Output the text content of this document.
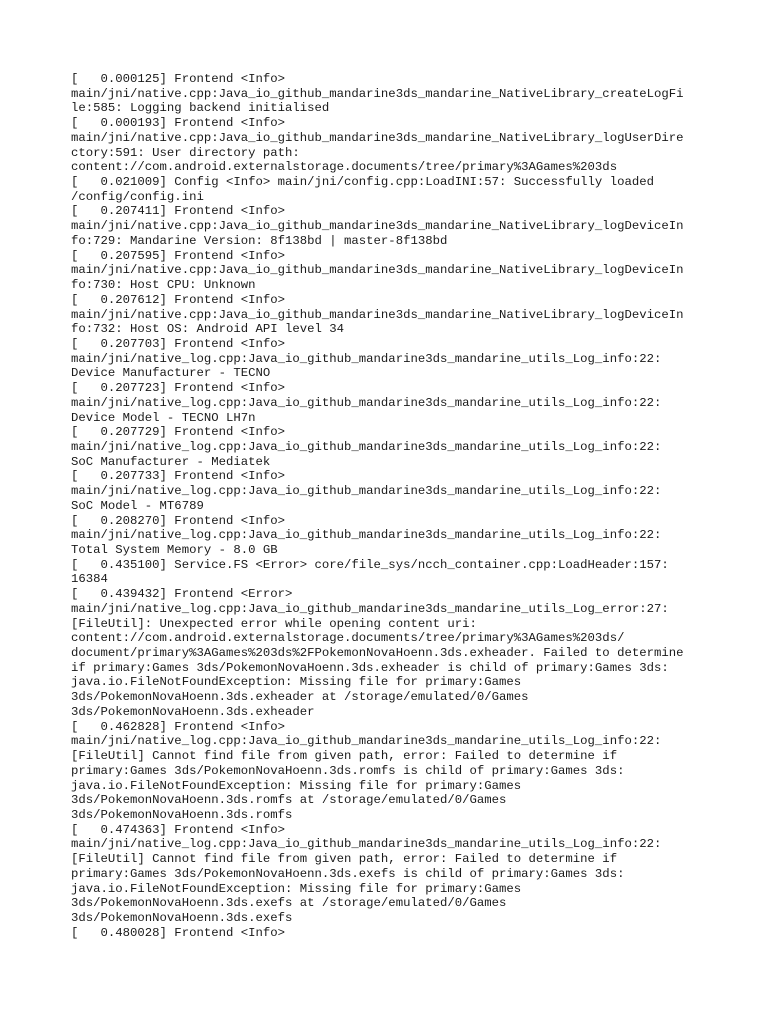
[   0.000125] Frontend <Info>
main/jni/native.cpp:Java_io_github_mandarine3ds_mandarine_NativeLibrary_createLogFi
le:585: Logging backend initialised
[   0.000193] Frontend <Info>
main/jni/native.cpp:Java_io_github_mandarine3ds_mandarine_NativeLibrary_logUserDire
ctory:591: User directory path:
content://com.android.externalstorage.documents/tree/primary%3AGames%203ds
[   0.021009] Config <Info> main/jni/config.cpp:LoadINI:57: Successfully loaded
/config/config.ini
[   0.207411] Frontend <Info>
main/jni/native.cpp:Java_io_github_mandarine3ds_mandarine_NativeLibrary_logDeviceIn
fo:729: Mandarine Version: 8f138bd | master-8f138bd
[   0.207595] Frontend <Info>
main/jni/native.cpp:Java_io_github_mandarine3ds_mandarine_NativeLibrary_logDeviceIn
fo:730: Host CPU: Unknown
[   0.207612] Frontend <Info>
main/jni/native.cpp:Java_io_github_mandarine3ds_mandarine_NativeLibrary_logDeviceIn
fo:732: Host OS: Android API level 34
[   0.207703] Frontend <Info>
main/jni/native_log.cpp:Java_io_github_mandarine3ds_mandarine_utils_Log_info:22:
Device Manufacturer - TECNO
[   0.207723] Frontend <Info>
main/jni/native_log.cpp:Java_io_github_mandarine3ds_mandarine_utils_Log_info:22:
Device Model - TECNO LH7n
[   0.207729] Frontend <Info>
main/jni/native_log.cpp:Java_io_github_mandarine3ds_mandarine_utils_Log_info:22:
SoC Manufacturer - Mediatek
[   0.207733] Frontend <Info>
main/jni/native_log.cpp:Java_io_github_mandarine3ds_mandarine_utils_Log_info:22:
SoC Model - MT6789
[   0.208270] Frontend <Info>
main/jni/native_log.cpp:Java_io_github_mandarine3ds_mandarine_utils_Log_info:22:
Total System Memory - 8.0 GB
[   0.435100] Service.FS <Error> core/file_sys/ncch_container.cpp:LoadHeader:157:
16384
[   0.439432] Frontend <Error>
main/jni/native_log.cpp:Java_io_github_mandarine3ds_mandarine_utils_Log_error:27:
[FileUtil]: Unexpected error while opening content uri:
content://com.android.externalstorage.documents/tree/primary%3AGames%203ds/
document/primary%3AGames%203ds%2FPokemonNovaHoenn.3ds.exheader. Failed to determine
if primary:Games 3ds/PokemonNovaHoenn.3ds.exheader is child of primary:Games 3ds:
java.io.FileNotFoundException: Missing file for primary:Games
3ds/PokemonNovaHoenn.3ds.exheader at /storage/emulated/0/Games
3ds/PokemonNovaHoenn.3ds.exheader
[   0.462828] Frontend <Info>
main/jni/native_log.cpp:Java_io_github_mandarine3ds_mandarine_utils_Log_info:22:
[FileUtil] Cannot find file from given path, error: Failed to determine if
primary:Games 3ds/PokemonNovaHoenn.3ds.romfs is child of primary:Games 3ds:
java.io.FileNotFoundException: Missing file for primary:Games
3ds/PokemonNovaHoenn.3ds.romfs at /storage/emulated/0/Games
3ds/PokemonNovaHoenn.3ds.romfs
[   0.474363] Frontend <Info>
main/jni/native_log.cpp:Java_io_github_mandarine3ds_mandarine_utils_Log_info:22:
[FileUtil] Cannot find file from given path, error: Failed to determine if
primary:Games 3ds/PokemonNovaHoenn.3ds.exefs is child of primary:Games 3ds:
java.io.FileNotFoundException: Missing file for primary:Games
3ds/PokemonNovaHoenn.3ds.exefs at /storage/emulated/0/Games
3ds/PokemonNovaHoenn.3ds.exefs
[   0.480028] Frontend <Info>
